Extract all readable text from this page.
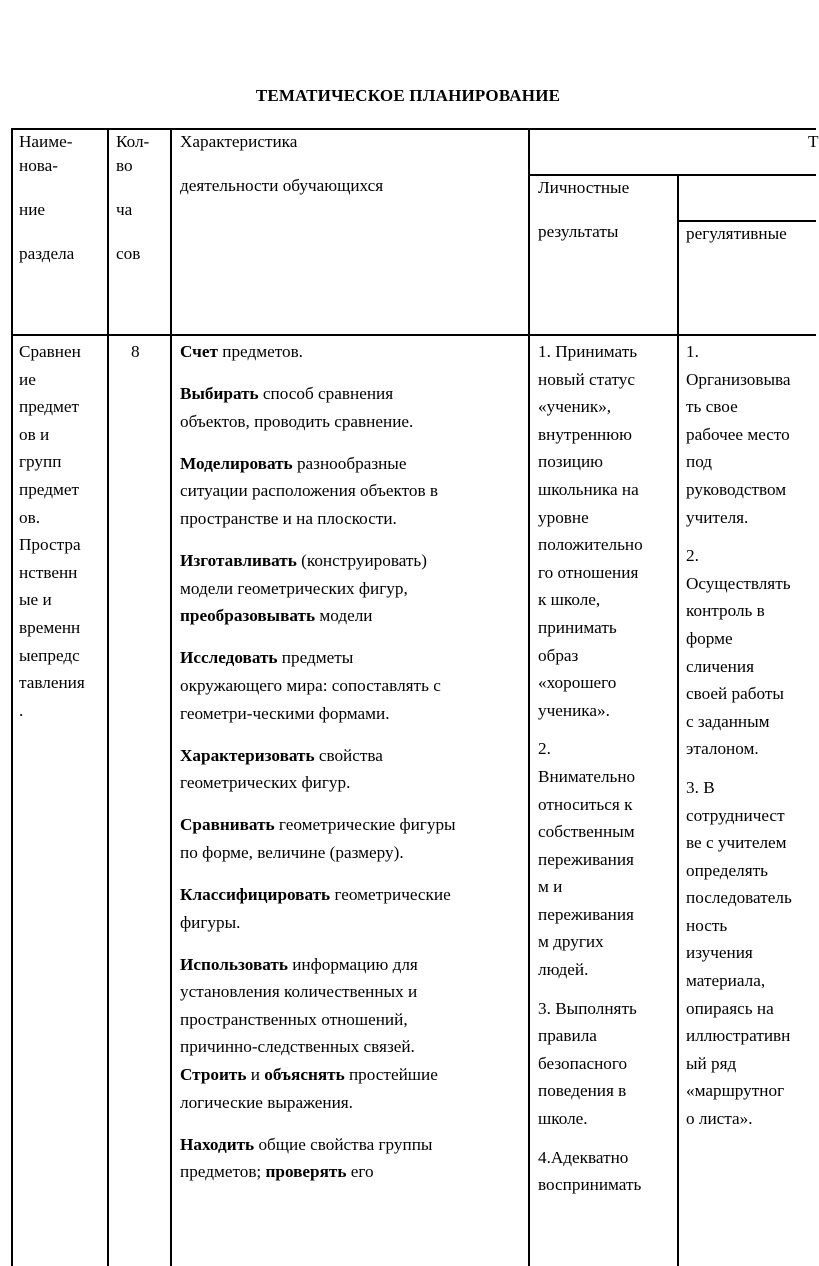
ТЕМАТИЧЕСКОЕ ПЛАНИРОВАНИЕ
Наиме-
нова-
ние
раздела
Кол-
во
ча
сов
Характеристика
деятельности обучающихся
Т
Личностные
результаты	регулятивные
Сравнен
ие
предмет
ов и
групп
предмет
ов.
Простра
нственн
ые и
временн
ыепредс
тавления
.
8 Счет предметов.
Выбирать способ сравнения
объектов, проводить сравнение.
Моделировать разнообразные
ситуации расположения объектов в
пространстве и на плоскости.
Изготавливать (конструировать)
модели геометрических фигур,
преобразовывать модели
Исследовать предметы
окружающего мира: сопоставлять с
геометри-ческими формами.
Характеризовать свойства
геометрических фигур.
Сравнивать геометрические фигуры
по форме, величине (размеру).
Классифицировать геометрические
фигуры.
Использовать информацию для
установления количественных и
пространственных отношений,
причинно-следственных связей.
Строить и объяснять простейшие
логические выражения.
Находить общие свойства группы
предметов; проверять его
1. Принимать
новый статус
«ученик»,
внутреннюю
позицию
школьника на
уровне
положительно
го отношения
к школе,
принимать
образ
«хорошего
ученика».
2.
Внимательно
относиться к
собственным
переживания
м и
переживания
м других
людей.
3. Выполнять
правила
безопасного
поведения в
школе.
4.Адекватно
воспринимать
1.
Организовыва
ть свое
рабочее место
под
руководством
учителя.
2.
Осуществлять
контроль в
форме
сличения
своей работы
с заданным
эталоном.
3. В
сотрудничест
ве с учителем
определять
последователь
ность
изучения
материала,
опираясь на
иллюстративн
ый ряд
«маршрутног
о листа».
